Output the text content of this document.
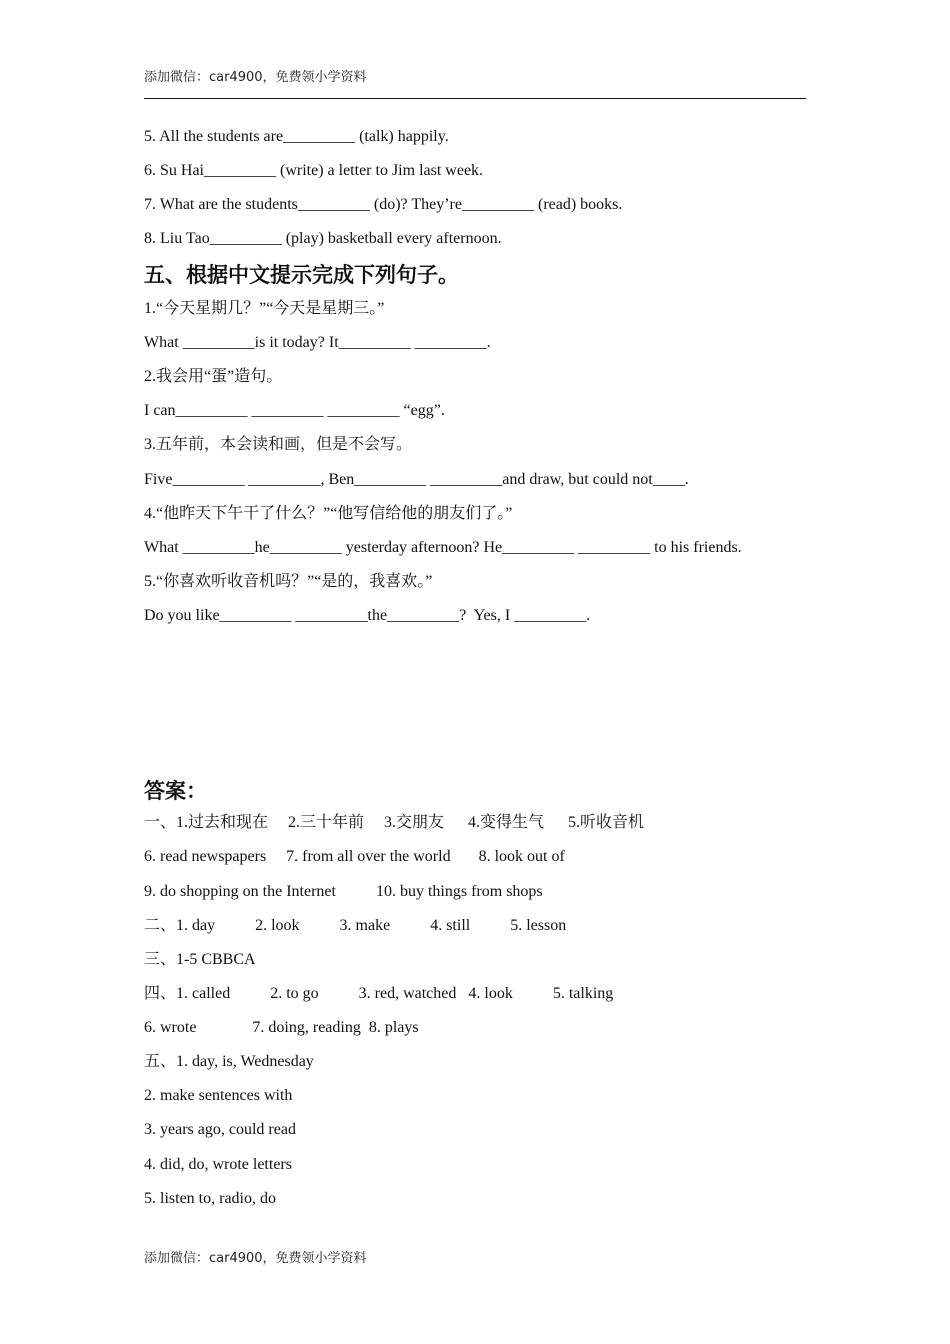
添加微信：car4900，免费领小学资料
5. All the students are_________ (talk) happily.
6. Su Hai_________ (write) a letter to Jim last week.
7. What are the students_________ (do)? They’re_________ (read) books.
8. Liu Tao_________ (play) basketball every afternoon.
五、根据中文提示完成下列句子。
1.“今天星期几？”“今天是星期三。”
What _________is it today? It_________ _________.
2.我会用“蛋”造句。
I can_________ _________ _________ “egg”.
3.五年前，本会读和画，但是不会写。
Five_________ _________, Ben_________ _________and draw, but could not____.
4.“他昨天下午干了什么？”“他写信给他的朋友们了。”
What _________he_________ yesterday afternoon? He_________ _________ to his friends.
5.“你喜欢听收音机吗？”“是的，我喜欢。”
Do you like_________ _________the_________?  Yes, I _________.
答案：
一、1.过去和现在     2.三十年前     3.交朋友      4.变得生气      5.听收音机
6. read newspapers     7. from all over the world       8. look out of
9. do shopping on the Internet          10. buy things from shops
二、1. day          2. look          3. make          4. still          5. lesson
三、1-5 CBBCA
四、1. called          2. to go          3. red, watched   4. look          5. talking
6. wrote              7. doing, reading  8. plays
五、1. day, is, Wednesday
2. make sentences with
3. years ago, could read
4. did, do, wrote letters
5. listen to, radio, do
添加微信：car4900，免费领小学资料
